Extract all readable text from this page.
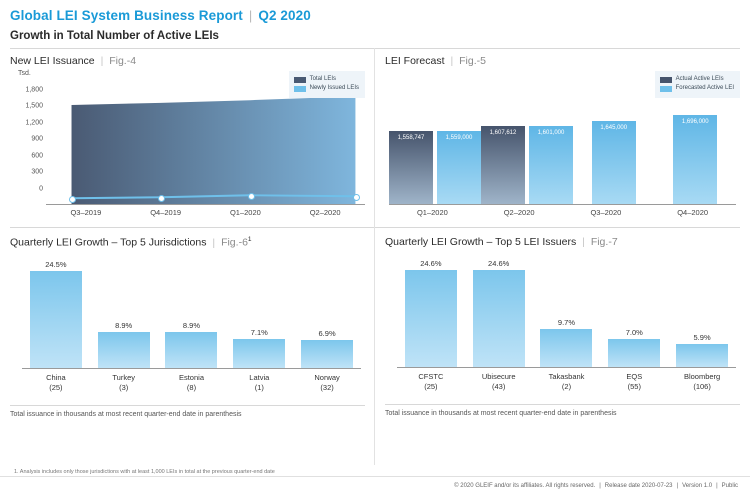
Global LEI System Business Report | Q2 2020
Growth in Total Number of Active LEIs
New LEI Issuance | Fig.-4
Total LEIs
Newly Issued LEIs
Tsd.
1,800
1,500
1,200
900
600
300
0
Q3–2019	Q4–2019	Q1–2020	Q2–2020
LEI Forecast | Fig.-5
Actual Active LEIs
Forecasted Active LEI
1,558,747	1,559,000
1,607,612	1,601,000
1,645,000
1,696,000
Q1–2020	Q2–2020	Q3–2020	Q4–2020
Quarterly LEI Growth – Top 5 Jurisdictions | $Fig.-6^1$
24.5%
8.9%	8.9%
7.1%	6.9%
China
(25)
Turkey
(3)
Estonia
(8)
Latvia
(1)
Norway
(32)
Total issuance in thousands at most recent quarter-end date in parenthesis
Quarterly LEI Growth – Top 5 LEI Issuers | Fig.-7
24.6%	24.6%
9.7%
7.0%
5.9%
CFSTC
(25)
Ubisecure
(43)
Takasbank
(2)
EQS
(55)
Bloomberg
(106)
Total issuance in thousands at most recent quarter-end date in parenthesis
1. Analysis includes only those jurisdictions with at least 1,000 LEIs in total at the previous quarter-end date
© 2020 GLEIF and/or its affiliates. All rights reserved. | Release date 2020-07-23 | Version 1.0 | Public
